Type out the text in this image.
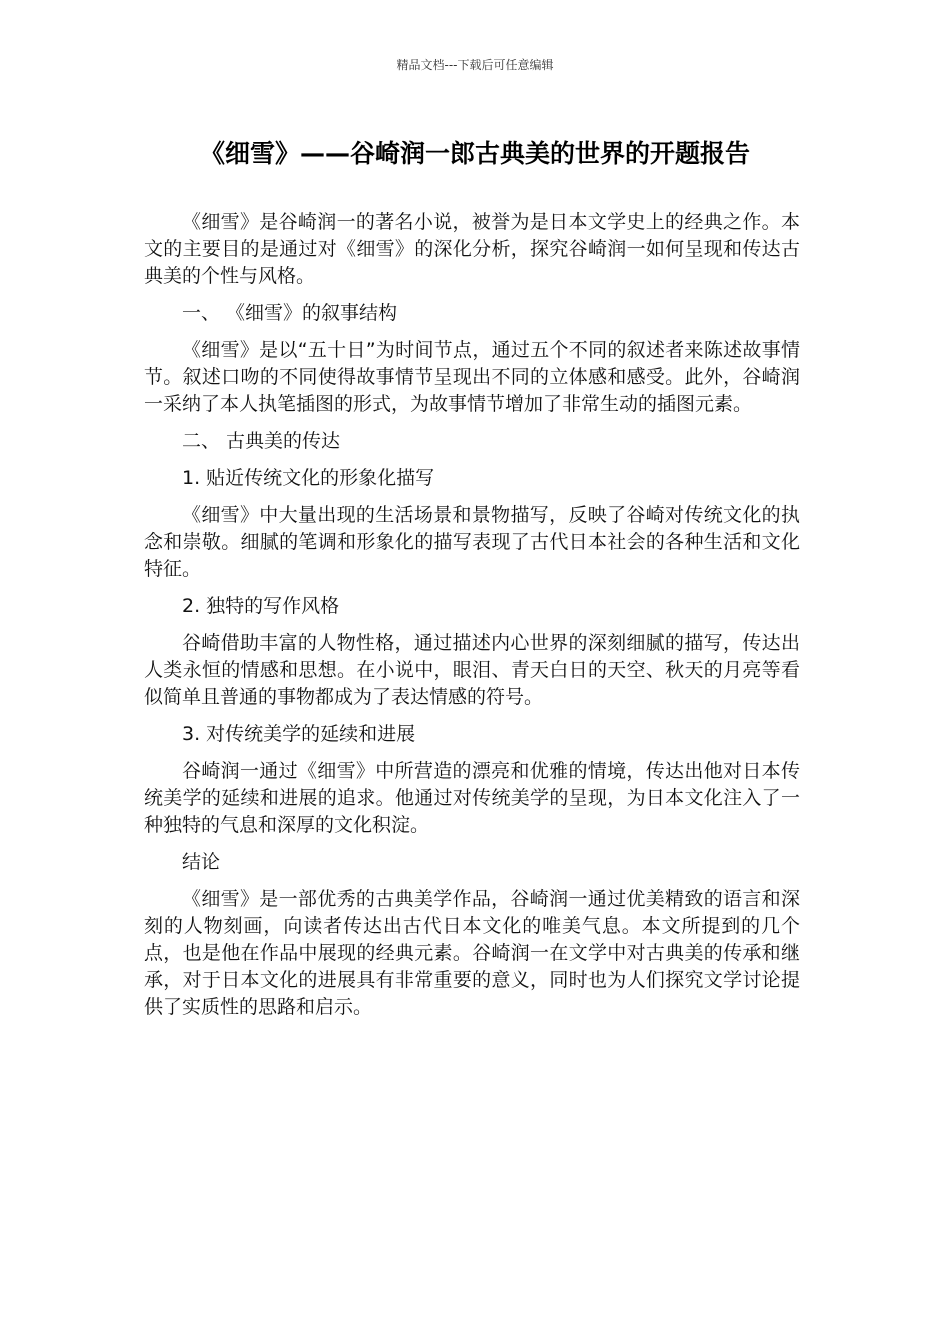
精品文档---下载后可任意编辑
《细雪》——谷崎润一郎古典美的世界的开题报告

《细雪》是谷崎润一的著名小说，被誉为是日本文学史上的经典之作。本文的主要目的是通过对《细雪》的深化分析，探究谷崎润一如何呈现和传达古典美的个性与风格。

一、 《细雪》的叙事结构

《细雪》是以“五十日”为时间节点，通过五个不同的叙述者来陈述故事情节。叙述口吻的不同使得故事情节呈现出不同的立体感和感受。此外，谷崎润一采纳了本人执笔插图的形式，为故事情节增加了非常生动的插图元素。

二、 古典美的传达

1. 贴近传统文化的形象化描写

《细雪》中大量出现的生活场景和景物描写，反映了谷崎对传统文化的执念和崇敬。细腻的笔调和形象化的描写表现了古代日本社会的各种生活和文化特征。

2. 独特的写作风格

谷崎借助丰富的人物性格，通过描述内心世界的深刻细腻的描写，传达出人类永恒的情感和思想。在小说中，眼泪、青天白日的天空、秋天的月亮等看似简单且普通的事物都成为了表达情感的符号。

3. 对传统美学的延续和进展

谷崎润一通过《细雪》中所营造的漂亮和优雅的情境，传达出他对日本传统美学的延续和进展的追求。他通过对传统美学的呈现，为日本文化注入了一种独特的气息和深厚的文化积淀。

结论

《细雪》是一部优秀的古典美学作品，谷崎润一通过优美精致的语言和深刻的人物刻画，向读者传达出古代日本文化的唯美气息。本文所提到的几个点，也是他在作品中展现的经典元素。谷崎润一在文学中对古典美的传承和继承，对于日本文化的进展具有非常重要的意义，同时也为人们探究文学讨论提供了实质性的思路和启示。
